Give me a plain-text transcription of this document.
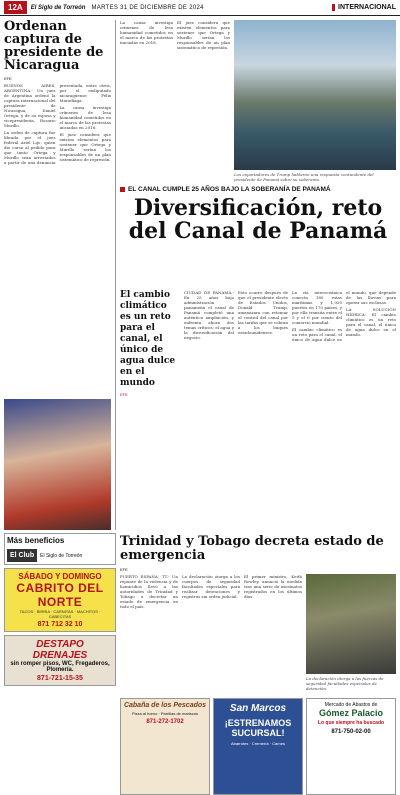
12A	El Siglo de Torreón MARTES 31 DE DICIEMBRE DE 2024	INTERNACIONAL
Ordenan captura de presidente de Nicaragua
EFE

BUENOS AIRES, ARGENTINA.- Un juez de Argentina ordenó la captura internacional del presidente de Nicaragua, Daniel Ortega, y de su esposa y vicepresidenta, Rosario Murillo.

La orden de captura fue librada por el juez federal Ariel Lijo, quien dio curso al pedido para que tanto Ortega y Murillo sean arrestados a partir de una denuncia presentada, entre otros, por el exdiputado nicaragüense Félix Maradiaga.

La causa investiga crímenes de lesa humanidad cometidos en el marco de las protestas iniciadas en 2018.

El juez considera que existen elementos para sostener que Ortega y Murillo serían los responsables de un plan sistemático de represión.

La causa investiga crímenes de lesa humanidad cometidos en el marco de las protestas iniciadas en 2018.

El juez considera que existen elementos para sostener que Ortega y Murillo serían los responsables de un plan sistemático de represión.

Los exportadores de Trump hablaron una respuesta contundente del presidente de Panamá sobre su soberanía.
EL CANAL CUMPLE 25 AÑOS BAJO LA SOBERANÍA DE PANAMÁ
Diversificación, reto del Canal de Panamá
El cambio climático es un reto para el canal, el único de agua dulce en el mundo
EFE

CIUDAD DE PANAMÁ.- En 25 años bajo administración panameña el canal de Panamá completó una auténtica ampliación, y enfrenta ahora dos temas críticos: el agua y la diversificación del negocio.

Esto ocurre después de que el presidente electo de Estados Unidos, Donald Trump, amenazara con retomar el control del canal por las tarifas que se cobran a los buques estadounidenses.

La vía interoceánica conecta 180 rutas marítimas y 1,920 puertos en 170 países, y por ella transita entre el 5 y el 6 por ciento del comercio mundial.

El cambio climático es un reto para el canal, el único de agua dulce en el mundo, que depende de las lluvias para operar sus esclusas.

LA SOLUCIÓN HÍDRICA: El cambio climático es un reto para el canal, el único de agua dulce en el mundo.

Más beneficios
El Club	El Siglo de Torreón
SÁBADO Y DOMINGO
CABRITO DEL NORTE
TACOS · BIRRIA · CARNITAS · MACHITOS · CABECITAS
871 712 32 10
DESTAPO DRENAJES
sin romper pisos, WC, Fregaderos, Plomería.
871-721-15-35
Trinidad y Tobago decreta estado de emergencia
EFE

PUERTO ESPAÑA, TT.- Un repunte de la violencia y de homicidios llevó a las autoridades de Trinidad y Tobago a decretar un estado de emergencia en todo el país.

La declaración otorga a los cuerpos de seguridad facultades especiales para realizar detenciones y registros sin orden judicial.

El primer ministro, Keith Rowley, anunció la medida tras una serie de asesinatos registrados en los últimos días.

La declaración otorga a las fuerzas de seguridad facultades especiales de detención.
Cabaña de los Pescados
Pizza al horno · Parrillas de mariscos
871-272-1702
San Marcos
¡ESTRENAMOS SUCURSAL!
Abarrotes · Cremería · Carnes
Mercado de Abastos de
Gómez Palacio
Lo que siempre ha buscado
871-750-02-00
